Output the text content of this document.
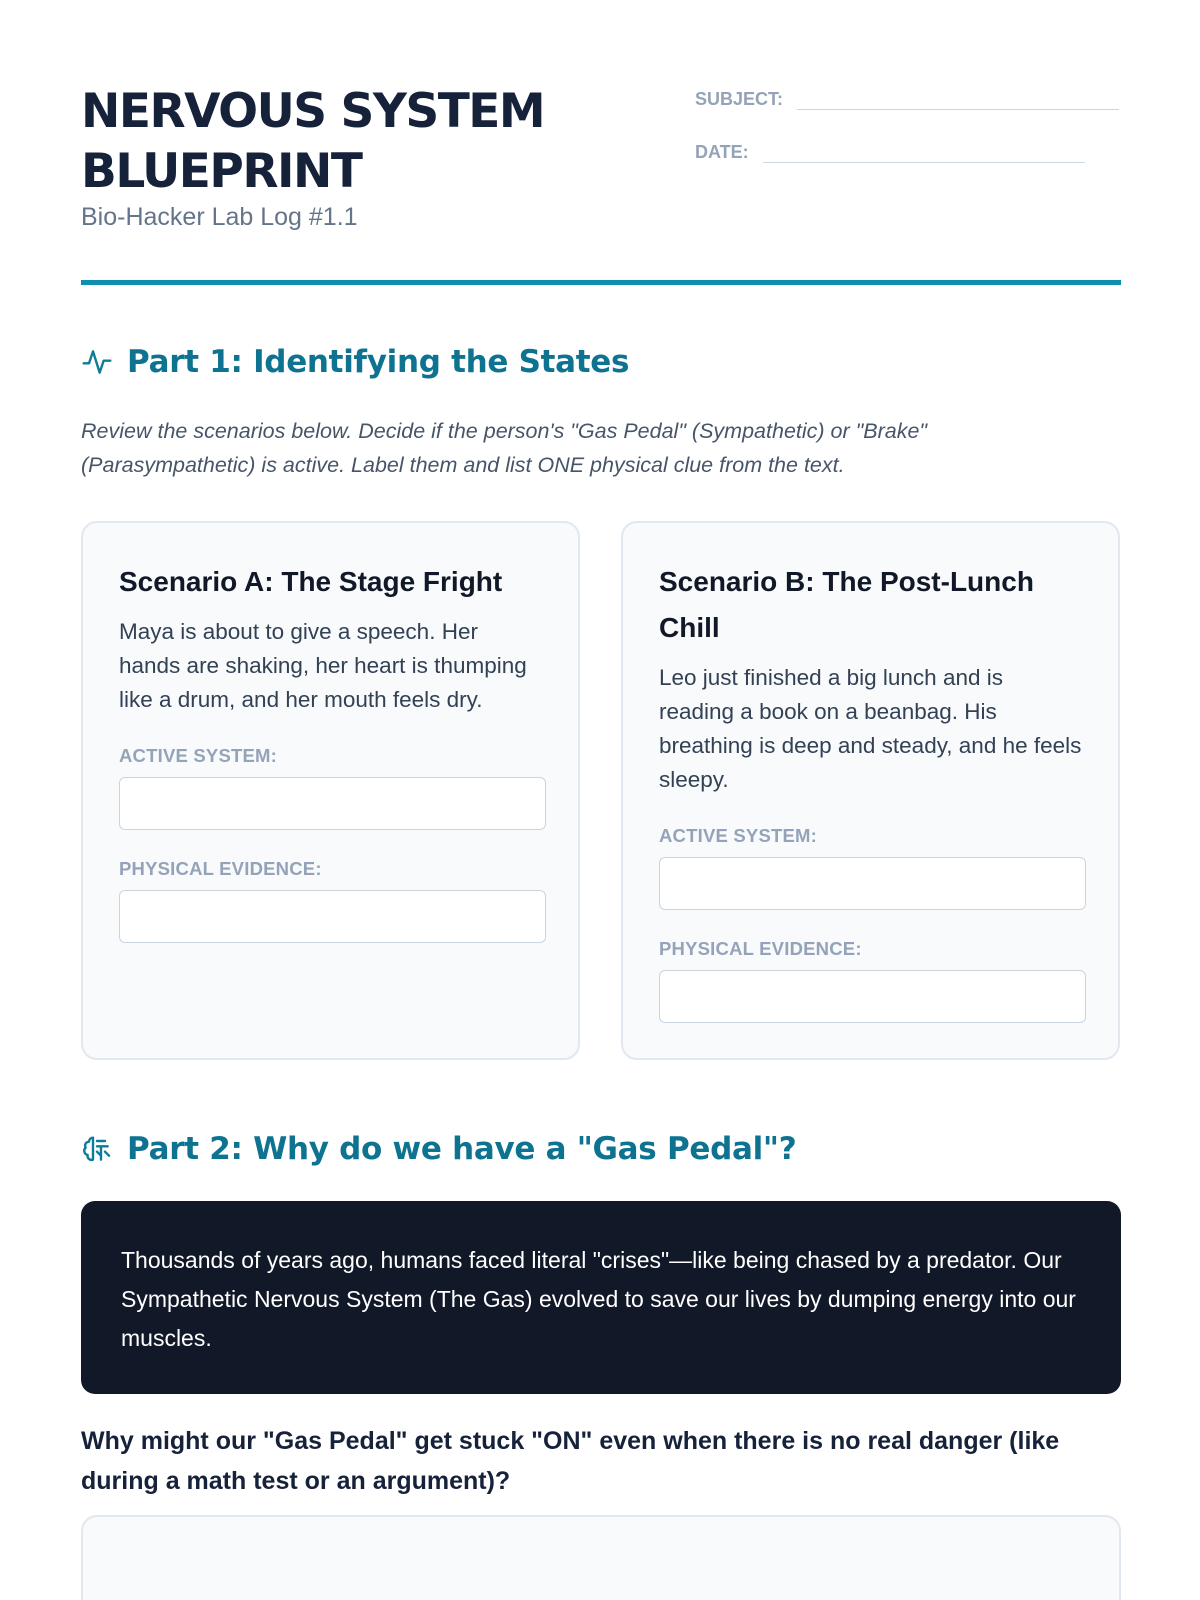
NERVOUS SYSTEM
BLUEPRINT
Bio-Hacker Lab Log #1.1
SUBJECT:
DATE:
Part 1: Identifying the States
Review the scenarios below. Decide if the person's "Gas Pedal" (Sympathetic) or "Brake" (Parasympathetic) is active. Label them and list ONE physical clue from the text.
Scenario A: The Stage Fright
Maya is about to give a speech. Her hands are shaking, her heart is thumping like a drum, and her mouth feels dry.
ACTIVE SYSTEM:
PHYSICAL EVIDENCE:
Scenario B: The Post-Lunch Chill
Leo just finished a big lunch and is reading a book on a beanbag. His breathing is deep and steady, and he feels sleepy.
ACTIVE SYSTEM:
PHYSICAL EVIDENCE:
Part 2: Why do we have a "Gas Pedal"?
Thousands of years ago, humans faced literal "crises"—like being chased by a predator. Our Sympathetic Nervous System (The Gas) evolved to save our lives by dumping energy into our muscles.
Why might our "Gas Pedal" get stuck "ON" even when there is no real danger (like during a math test or an argument)?
